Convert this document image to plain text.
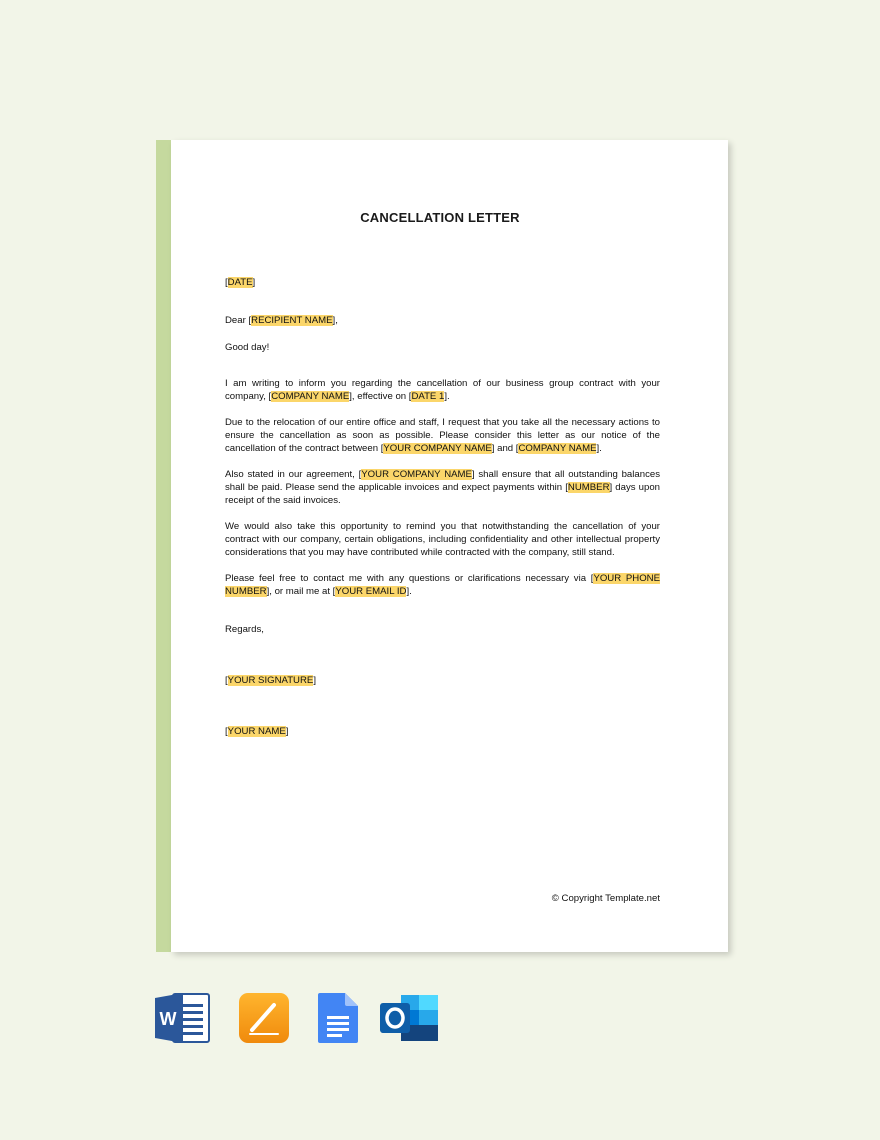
CANCELLATION LETTER

[DATE]

Dear [RECIPIENT NAME],

Good day!

I am writing to inform you regarding the cancellation of our business group contract with your company, [COMPANY NAME], effective on [DATE 1].

Due to the relocation of our entire office and staff, I request that you take all the necessary actions to ensure the cancellation as soon as possible. Please consider this letter as our notice of the cancellation of the contract between [YOUR COMPANY NAME] and [COMPANY NAME].

Also stated in our agreement, [YOUR COMPANY NAME] shall ensure that all outstanding balances shall be paid. Please send the applicable invoices and expect payments within [NUMBER] days upon receipt of the said invoices.

We would also take this opportunity to remind you that notwithstanding the cancellation of your contract with our company, certain obligations, including confidentiality and other intellectual property considerations that you may have contributed while contracted with the company, still stand.

Please feel free to contact me with any questions or clarifications necessary via [YOUR PHONE NUMBER], or mail me at [YOUR EMAIL ID].

Regards,

[YOUR SIGNATURE]

[YOUR NAME]

© Copyright Template.net
W
